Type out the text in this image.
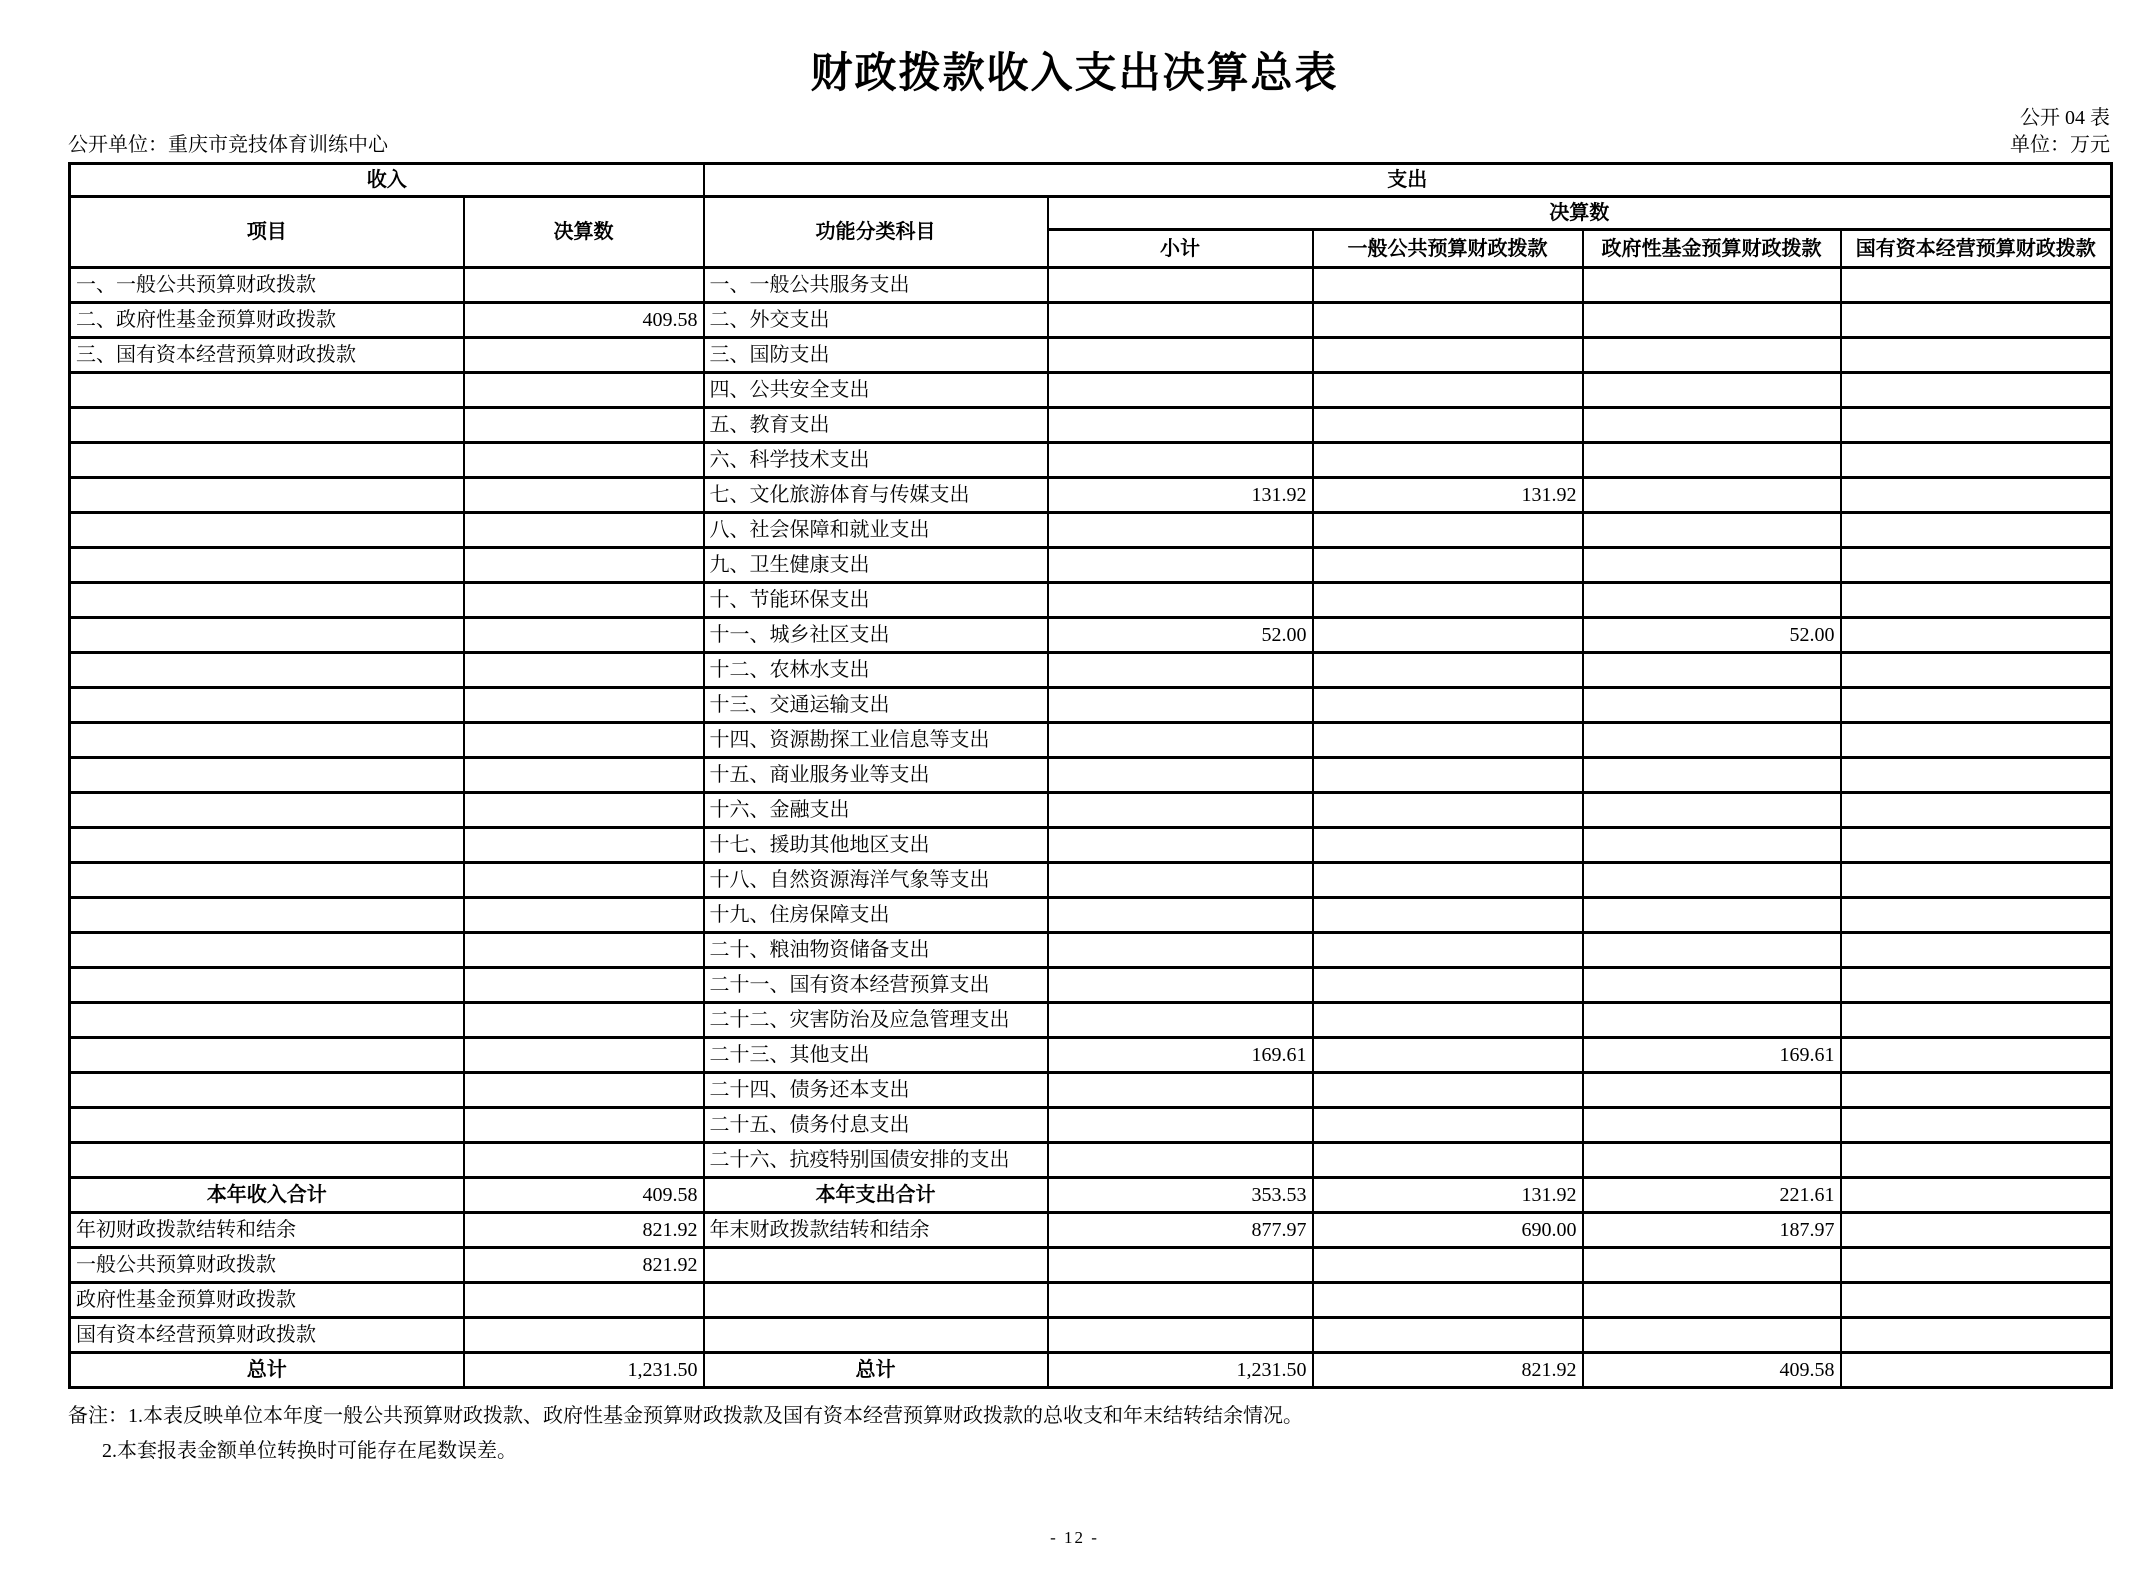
财政拨款收入支出决算总表
公开 04 表
公开单位：重庆市竞技体育训练中心	单位：万元
收入		支出				
项目	决算数	功能分类科目	决算数			
			小计	一般公共预算财政拨款	政府性基金预算财政拨款	国有资本经营预算财政拨款
一、一般公共预算财政拨款		一、一般公共服务支出				
二、政府性基金预算财政拨款	409.58	二、外交支出				
三、国有资本经营预算财政拨款		三、国防支出				
		四、公共安全支出				
		五、教育支出				
		六、科学技术支出				
		七、文化旅游体育与传媒支出	131.92	131.92		
		八、社会保障和就业支出				
		九、卫生健康支出				
		十、节能环保支出				
		十一、城乡社区支出	52.00		52.00	
		十二、农林水支出				
		十三、交通运输支出				
		十四、资源勘探工业信息等支出				
		十五、商业服务业等支出				
		十六、金融支出				
		十七、援助其他地区支出				
		十八、自然资源海洋气象等支出				
		十九、住房保障支出				
		二十、粮油物资储备支出				
		二十一、国有资本经营预算支出				
		二十二、灾害防治及应急管理支出				
		二十三、其他支出	169.61		169.61	
		二十四、债务还本支出				
		二十五、债务付息支出				
		二十六、抗疫特别国债安排的支出				
本年收入合计	409.58	本年支出合计	353.53	131.92	221.61	
年初财政拨款结转和结余	821.92	年末财政拨款结转和结余	877.97	690.00	187.97	
一般公共预算财政拨款	821.92					
政府性基金预算财政拨款						
国有资本经营预算财政拨款						
总计	1,231.50	总计	1,231.50	821.92	409.58	
备注：1.本表反映单位本年度一般公共预算财政拨款、政府性基金预算财政拨款及国有资本经营预算财政拨款的总收支和年末结转结余情况。
2.本套报表金额单位转换时可能存在尾数误差。
- 12 -
